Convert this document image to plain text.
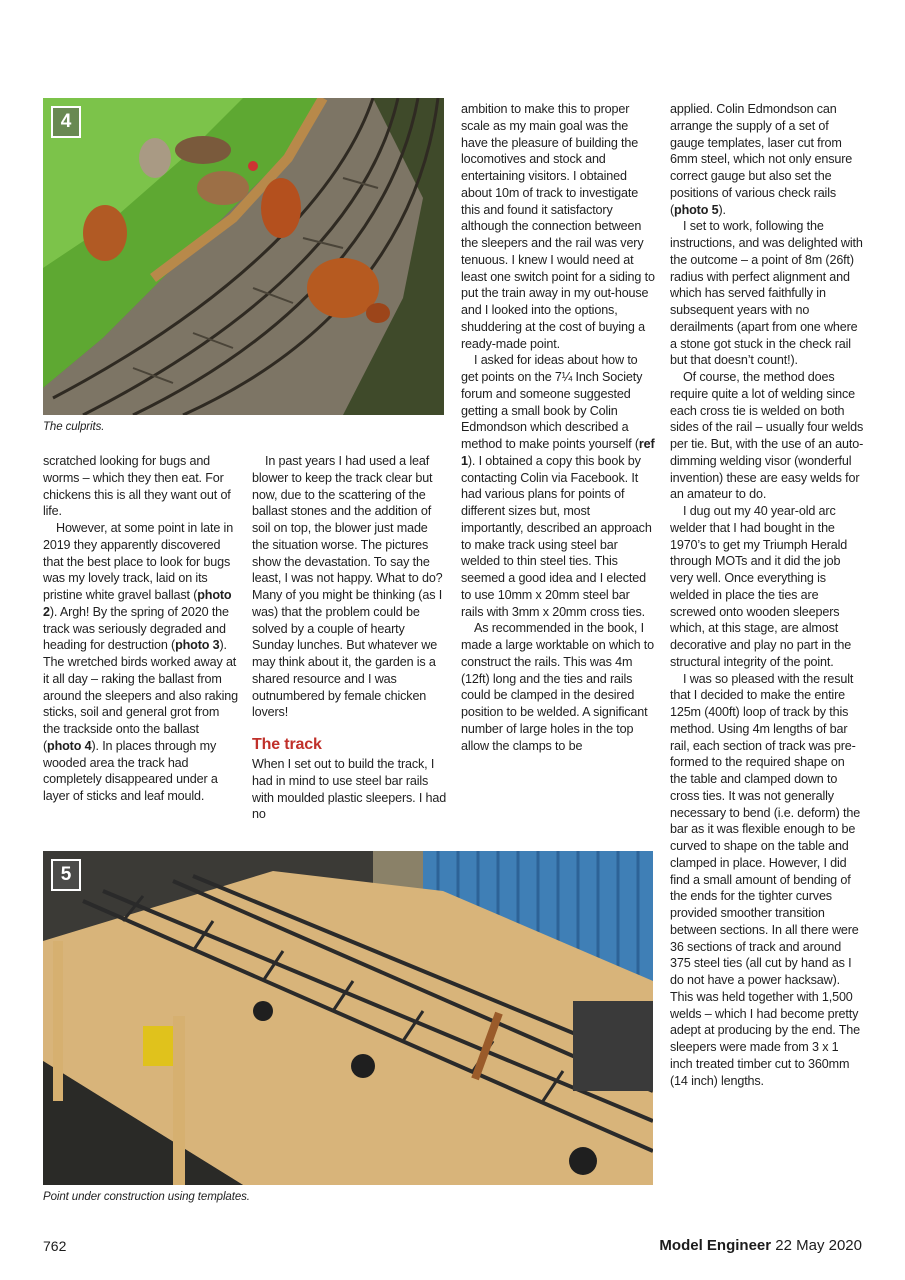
4
The culprits.
5
Point under construction using templates.

scratched looking for bugs and worms – which they then eat. For chickens this is all they want out of life.

However, at some point in late in 2019 they apparently discovered that the best place to look for bugs was my lovely track, laid on its pristine white gravel ballast (photo 2). Argh! By the spring of 2020 the track was seriously degraded and heading for destruction (photo 3). The wretched birds worked away at it all day – raking the ballast from around the sleepers and also raking sticks, soil and general grot from the trackside onto the ballast (photo 4). In places through my wooded area the track had completely disappeared under a layer of sticks and leaf mould.

In past years I had used a leaf blower to keep the track clear but now, due to the scattering of the ballast stones and the addition of soil on top, the blower just made the situation worse. The pictures show the devastation. To say the least, I was not happy. What to do? Many of you might be thinking (as I was) that the problem could be solved by a couple of hearty Sunday lunches. But whatever we may think about it, the garden is a shared resource and I was outnumbered by female chicken lovers!

The track

When I set out to build the track, I had in mind to use steel bar rails with moulded plastic sleepers. I had no

ambition to make this to proper scale as my main goal was the have the pleasure of building the locomotives and stock and entertaining visitors. I obtained about 10m of track to investigate this and found it satisfactory although the connection between the sleepers and the rail was very tenuous. I knew I would need at least one switch point for a siding to put the train away in my out-house and I looked into the options, shuddering at the cost of buying a ready-made point.

I asked for ideas about how to get points on the 7¼ Inch Society forum and someone suggested getting a small book by Colin Edmondson which described a method to make points yourself (ref 1). I obtained a copy this book by contacting Colin via Facebook. It had various plans for points of different sizes but, most importantly, described an approach to make track using steel bar welded to thin steel ties. This seemed a good idea and I elected to use 10mm x 20mm steel bar rails with 3mm x 20mm cross ties.

As recommended in the book, I made a large worktable on which to construct the rails. This was 4m (12ft) long and the ties and rails could be clamped in the desired position to be welded. A significant number of large holes in the top allow the clamps to be

applied. Colin Edmondson can arrange the supply of a set of gauge templates, laser cut from 6mm steel, which not only ensure correct gauge but also set the positions of various check rails (photo 5).

I set to work, following the instructions, and was delighted with the outcome – a point of 8m (26ft) radius with perfect alignment and which has served faithfully in subsequent years with no derailments (apart from one where a stone got stuck in the check rail but that doesn’t count!).

Of course, the method does require quite a lot of welding since each cross tie is welded on both sides of the rail – usually four welds per tie. But, with the use of an auto-dimming welding visor (wonderful invention) these are easy welds for an amateur to do.

I dug out my 40 year-old arc welder that I had bought in the 1970’s to get my Triumph Herald through MOTs and it did the job very well. Once everything is welded in place the ties are screwed onto wooden sleepers which, at this stage, are almost decorative and play no part in the structural integrity of the point.

I was so pleased with the result that I decided to make the entire 125m (400ft) loop of track by this method. Using 4m lengths of bar rail, each section of track was pre-formed to the required shape on the table and clamped down to cross ties. It was not generally necessary to bend (i.e. deform) the bar as it was flexible enough to be curved to shape on the table and clamped in place. However, I did find a small amount of bending of the ends for the tighter curves provided smoother transition between sections. In all there were 36 sections of track and around 375 steel ties (all cut by hand as I do not have a power hacksaw). This was held together with 1,500 welds – which I had become pretty adept at producing by the end. The sleepers were made from 3 x 1 inch treated timber cut to 360mm (14 inch) lengths.

762	Model Engineer 22 May 2020
